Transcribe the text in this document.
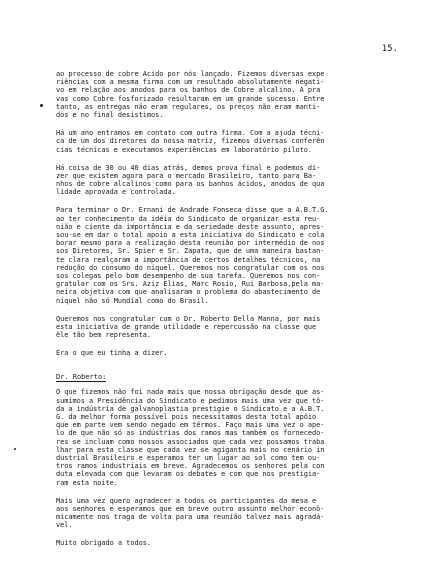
15.
ao processo de cobre Ácido por nós lançado. Fizemos diversas expe
riências com a mesma firma com um resultado absolutamente negati-
vo em relação aos anodos para os banhos de Cobre alcalino. Á pra
vas como Cobre fosforizado resultaram em um grande sucesso. Entre
tanto, as entregas não eram regulares, os preços não eram manti-
dos e no final desistimos.
Há um ano entramos em contato com outra firma. Com a ajuda técni-
ca de um dos diretores da nossa matriz, fizemos diversas conferên
cias técnicas e executamos experiências em laboratório piloto.
Há coisa de 30 ou 40 dias atrás, demos prova final e podemos di-
zer que existem agora para o mercado Brasileiro, tanto para Ba-
nhos de cobre alcalinos como para os banhos ácidos, anodos de qua
lidade aprovada e controlada.
Para terminar o Dr. Ernani de Andrade Fonseca disse que a A.B.T.G.
ao ter conhecimento da idéia do Sindicato de organizar esta reu-
nião e ciente da importância e da seriedade deste assunto, apres-
sou-se em dar o total apoio a esta iniciativa do Sindicato e cola
borar mesmo para a realização desta reunião por intermédio de nos
sos Diretores, Sr. Spier e Sr. Zapata, que de uma maneira bastan-
te clara realçaram a importância de certos detalhes técnicos, na
redução do consumo do níquel. Queremos nos congratular com os nos
sos colegas pelo bom desempenho de sua tarefa. Queremos nos con-
gratular com os Srs. Aziz Elias, Marc Rosio, Rui Barbosa,pela ma-
neira objetiva com que analisaram o problema do abastecimento de
níquel não só Mundial como do Brasil.
Queremos nos congratular com o Dr. Roberto Della Manna, por mais
esta iniciativa de grande utilidade e repercussão na classe que
êle tão bem representa.
Era o que eu tinha a dizer.
Dr. Roberto:
O que fizemos não foi nada mais que nossa obrigação desde que as-
sumimos a Presidência do Sindicato e pedimos mais uma vez que tô-
da a indústria de galvanoplastia prestigie o Sindicato e a A.B.T.
G. da melhor forma possível pois necessitamos desta total apôio
que em parte vem sendo negado em têrmos. Faço mais uma vez o ape-
lo de que não só as indústrias dos ramos mas também os fornecedo-
res se incluam como nossos associados que cada vez possamos traba
lhar para esta classe que cada vez se agiganta mais no cenário in
dustrial Brasileiro e esperamos ter um lugar ao sol como tem ou-
tros ramos industriais em breve. Agradecemos os senhores pela con
duta elevada com que levaram os debates e com que nos prestigia-
ram esta noite.
Mais uma vez quero agradecer a todos os participantes da mesa e
aos senhores e esperamos que em breve outro assunto melhor econô-
micamente nos traga de volta para uma reunião talvez mais agradá-
vel.
Muito obrigado a todos.
